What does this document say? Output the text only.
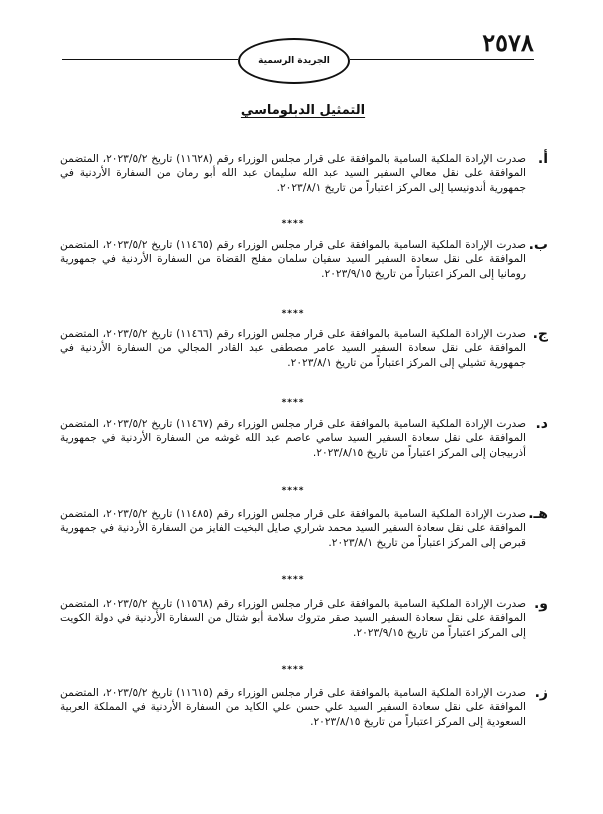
٢٥٧٨
الجريدة الرسمية
التمثيل الدبلوماسي
أ.

صدرت الإرادة الملكية السامية بالموافقة على قرار مجلس الوزراء رقم (١١٦٢٨) تاريخ ٢٠٢٣/٥/٢، المتضمن الموافقة على نقل معالي السفير السيد عبد الله سليمان عبد الله أبو رمان من السفارة الأردنية في جمهورية أندونيسيا إلى المركز اعتباراً من تاريخ ٢٠٢٣/٨/١.

****
ب.

صدرت الإرادة الملكية السامية بالموافقة على قرار مجلس الوزراء رقم (١١٤٦٥) تاريخ ٢٠٢٣/٥/٢، المتضمن الموافقة على نقل سعادة السفير السيد سفيان سلمان مفلح القضاة من السفارة الأردنية في جمهورية رومانيا إلى المركز اعتباراً من تاريخ ٢٠٢٣/٩/١٥.

****
ج.

صدرت الإرادة الملكية السامية بالموافقة على قرار مجلس الوزراء رقم (١١٤٦٦) تاريخ ٢٠٢٣/٥/٢، المتضمن الموافقة على نقل سعادة السفير السيد عامر مصطفى عبد القادر المجالي من السفارة الأردنية في جمهورية تشيلي إلى المركز اعتباراً من تاريخ ٢٠٢٣/٨/١.

****
د.

صدرت الإرادة الملكية السامية بالموافقة على قرار مجلس الوزراء رقم (١١٤٦٧) تاريخ ٢٠٢٣/٥/٢، المتضمن الموافقة على نقل سعادة السفير السيد سامي عاصم عبد الله غوشه من السفارة الأردنية في جمهورية أذربيجان إلى المركز اعتباراً من تاريخ ٢٠٢٣/٨/١٥.

****
هـ.

صدرت الإرادة الملكية السامية بالموافقة على قرار مجلس الوزراء رقم (١١٤٨٥) تاريخ ٢٠٢٣/٥/٢، المتضمن الموافقة على نقل سعادة السفير السيد محمد شراري صايل البخيت الفايز من السفارة الأردنية في جمهورية قبرص إلى المركز اعتباراً من تاريخ ٢٠٢٣/٨/١.

****
و.

صدرت الإرادة الملكية السامية بالموافقة على قرار مجلس الوزراء رقم (١١٥٦٨) تاريخ ٢٠٢٣/٥/٢، المتضمن الموافقة على نقل سعادة السفير السيد صقر متروك سلامة أبو شتال من السفارة الأردنية في دولة الكويت إلى المركز اعتباراً من تاريخ ٢٠٢٣/٩/١٥.

****
ز.

صدرت الإرادة الملكية السامية بالموافقة على قرار مجلس الوزراء رقم (١١٦١٥) تاريخ ٢٠٢٣/٥/٢، المتضمن الموافقة على نقل سعادة السفير السيد علي حسن علي الكايد من السفارة الأردنية في المملكة العربية السعودية إلى المركز اعتباراً من تاريخ ٢٠٢٣/٨/١٥.
